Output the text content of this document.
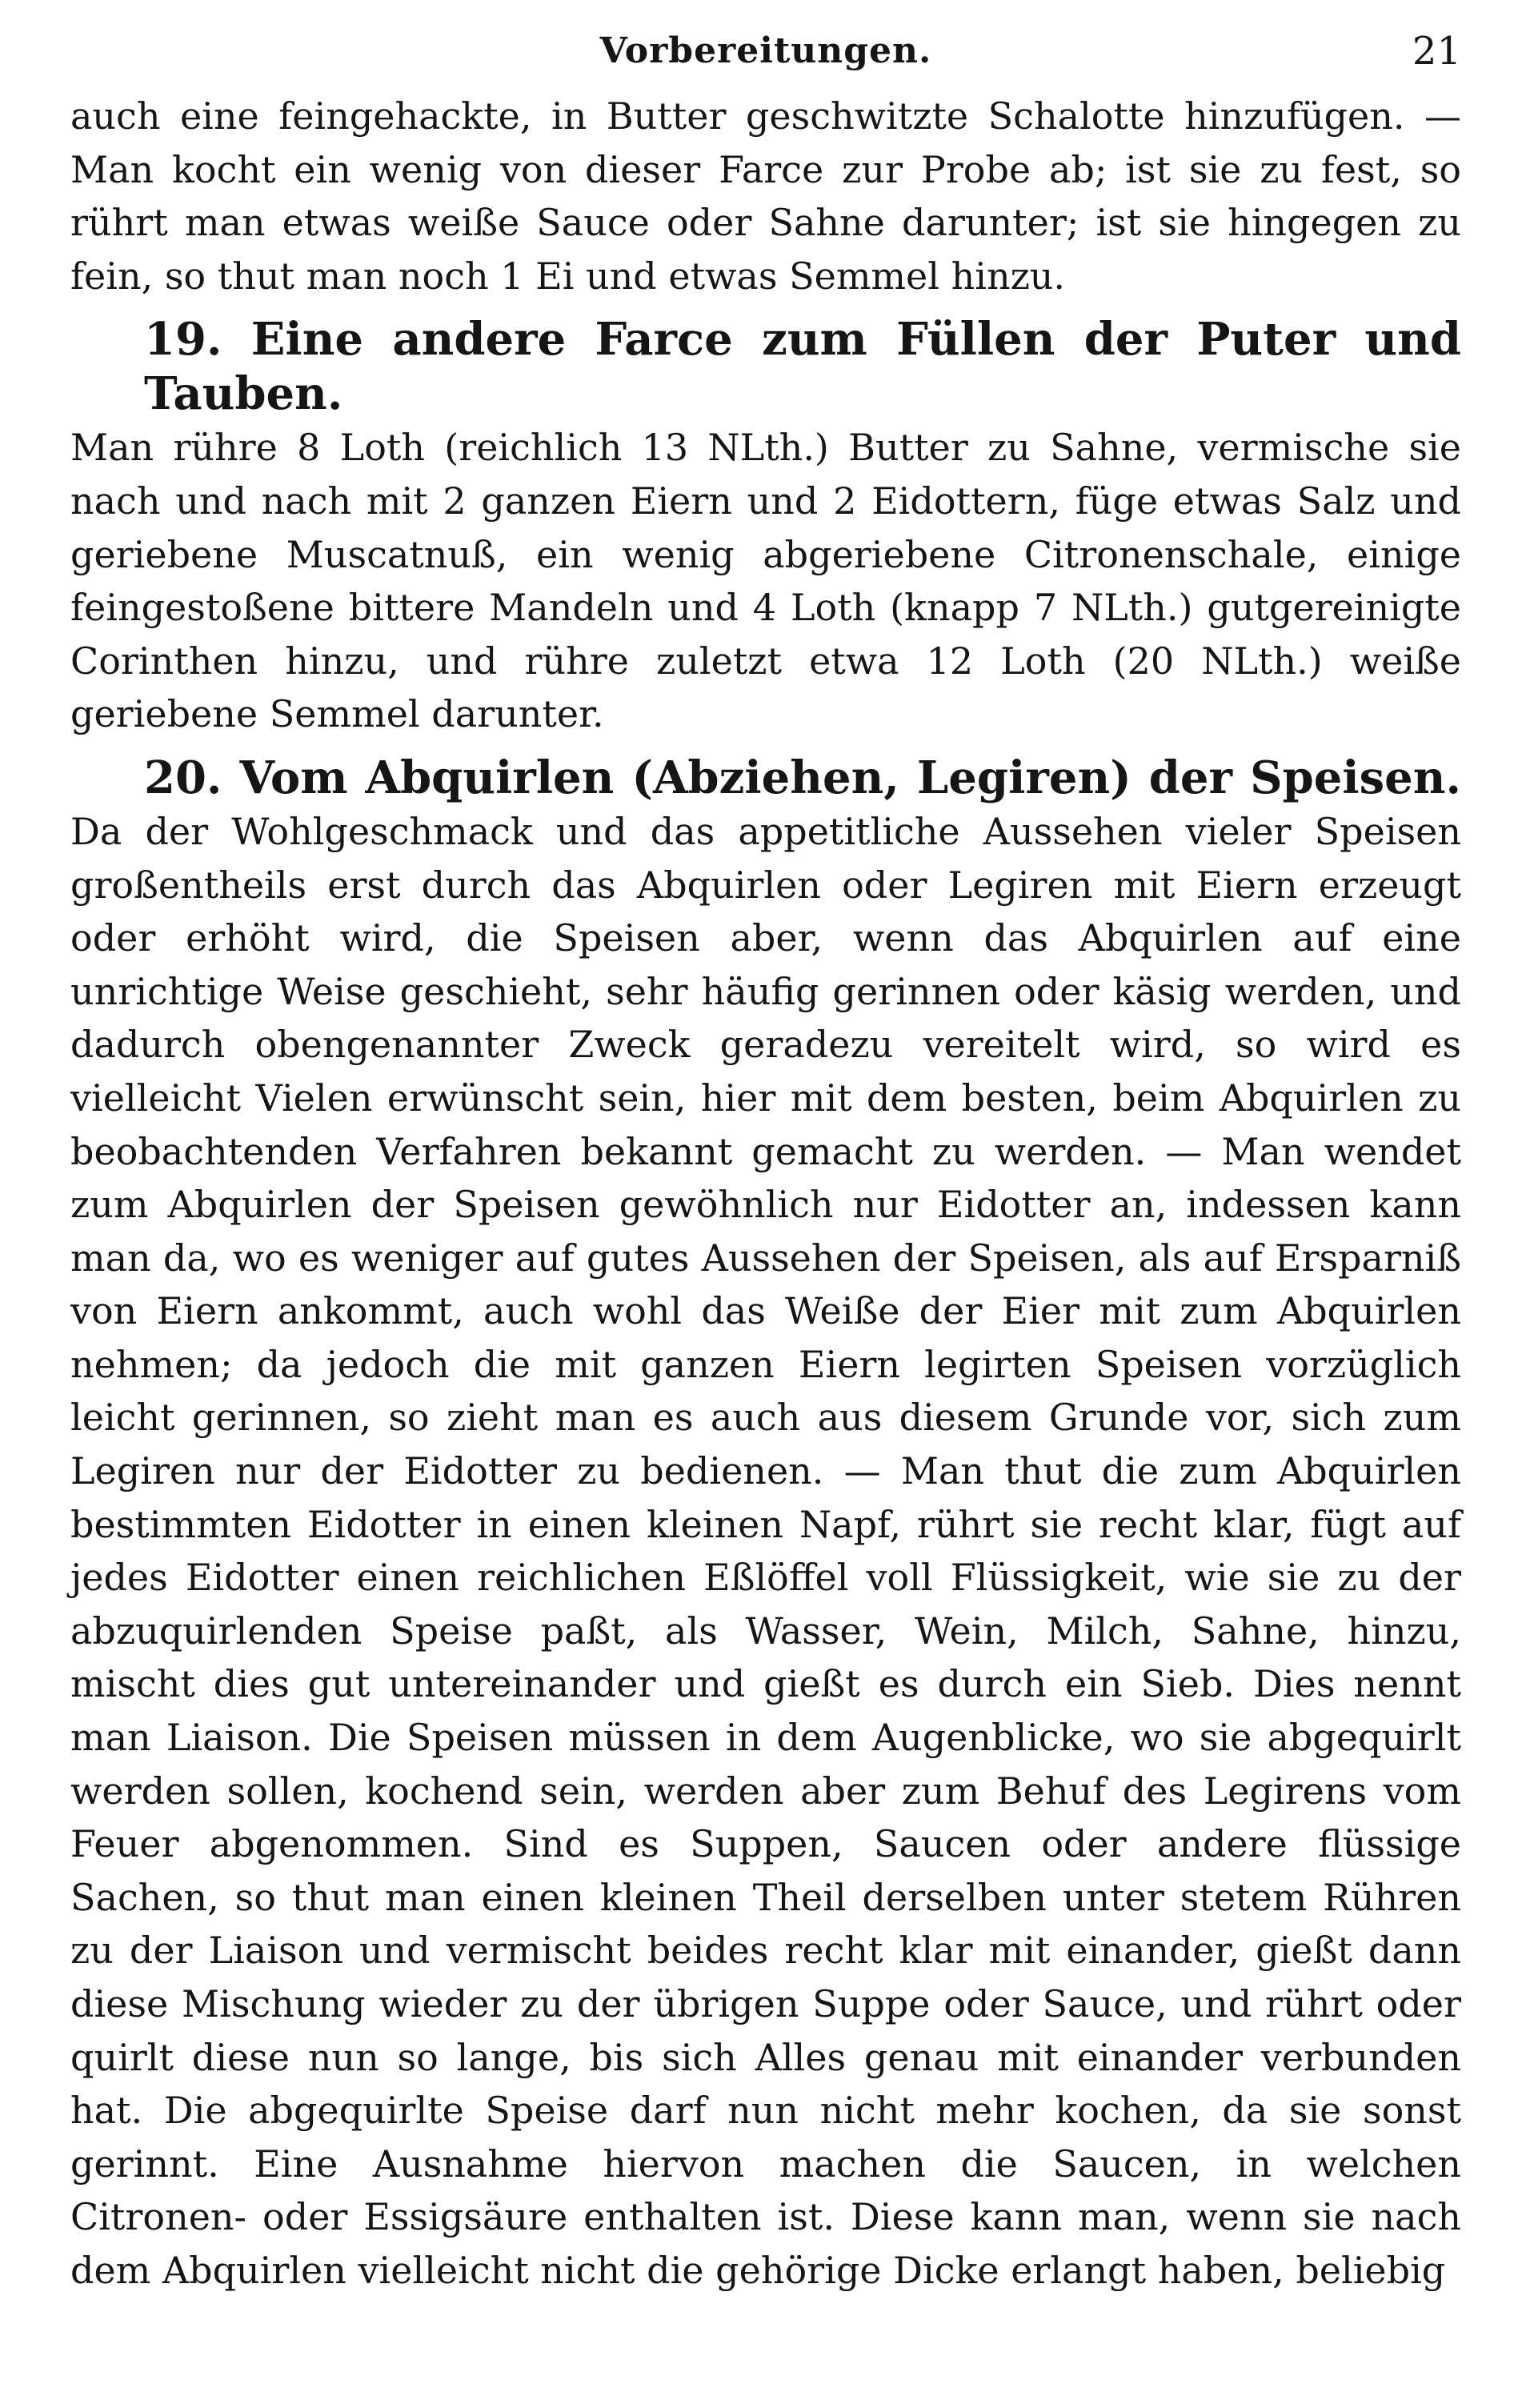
Vorbereitungen.	21

auch eine feingehackte, in Butter geschwitzte Schalotte hinzufügen. — Man kocht ein wenig von dieser Farce zur Probe ab; ist sie zu fest, so rührt man etwas weiße Sauce oder Sahne darunter; ist sie hingegen zu fein, so thut man noch 1 Ei und etwas Semmel hinzu.

19. Eine andere Farce zum Füllen der Puter und Tauben.

Man rühre 8 Loth (reichlich 13 NLth.) Butter zu Sahne, vermische sie nach und nach mit 2 ganzen Eiern und 2 Eidottern, füge etwas Salz und geriebene Muscatnuß, ein wenig abgeriebene Citronenschale, einige feingestoßene bittere Mandeln und 4 Loth (knapp 7 NLth.) gutgereinigte Corinthen hinzu, und rühre zuletzt etwa 12 Loth (20 NLth.) weiße geriebene Semmel darunter.

20. Vom Abquirlen (Abziehen, Legiren) der Speisen.

Da der Wohlgeschmack und das appetitliche Aussehen vieler Speisen großentheils erst durch das Abquirlen oder Legiren mit Eiern erzeugt oder erhöht wird, die Speisen aber, wenn das Abquirlen auf eine unrichtige Weise geschieht, sehr häufig gerinnen oder käsig werden, und dadurch obengenannter Zweck geradezu vereitelt wird, so wird es vielleicht Vielen erwünscht sein, hier mit dem besten, beim Abquirlen zu beobachtenden Verfahren bekannt gemacht zu werden. — Man wendet zum Abquirlen der Speisen gewöhnlich nur Eidotter an, indessen kann man da, wo es weniger auf gutes Aussehen der Speisen, als auf Ersparniß von Eiern ankommt, auch wohl das Weiße der Eier mit zum Abquirlen nehmen; da jedoch die mit ganzen Eiern legirten Speisen vorzüglich leicht gerinnen, so zieht man es auch aus diesem Grunde vor, sich zum Legiren nur der Eidotter zu bedienen. — Man thut die zum Abquirlen bestimmten Eidotter in einen kleinen Napf, rührt sie recht klar, fügt auf jedes Eidotter einen reichlichen Eßlöffel voll Flüssigkeit, wie sie zu der abzuquirlenden Speise paßt, als Wasser, Wein, Milch, Sahne, hinzu, mischt dies gut untereinander und gießt es durch ein Sieb. Dies nennt man Liaison. Die Speisen müssen in dem Augenblicke, wo sie abgequirlt werden sollen, kochend sein, werden aber zum Behuf des Legirens vom Feuer abgenommen. Sind es Suppen, Saucen oder andere flüssige Sachen, so thut man einen kleinen Theil derselben unter stetem Rühren zu der Liaison und vermischt beides recht klar mit einander, gießt dann diese Mischung wieder zu der übrigen Suppe oder Sauce, und rührt oder quirlt diese nun so lange, bis sich Alles genau mit einander verbunden hat. Die abgequirlte Speise darf nun nicht mehr kochen, da sie sonst gerinnt. Eine Ausnahme hiervon machen die Saucen, in welchen Citronen- oder Essigsäure enthalten ist. Diese kann man, wenn sie nach dem Abquirlen vielleicht nicht die gehörige Dicke erlangt haben, beliebig
